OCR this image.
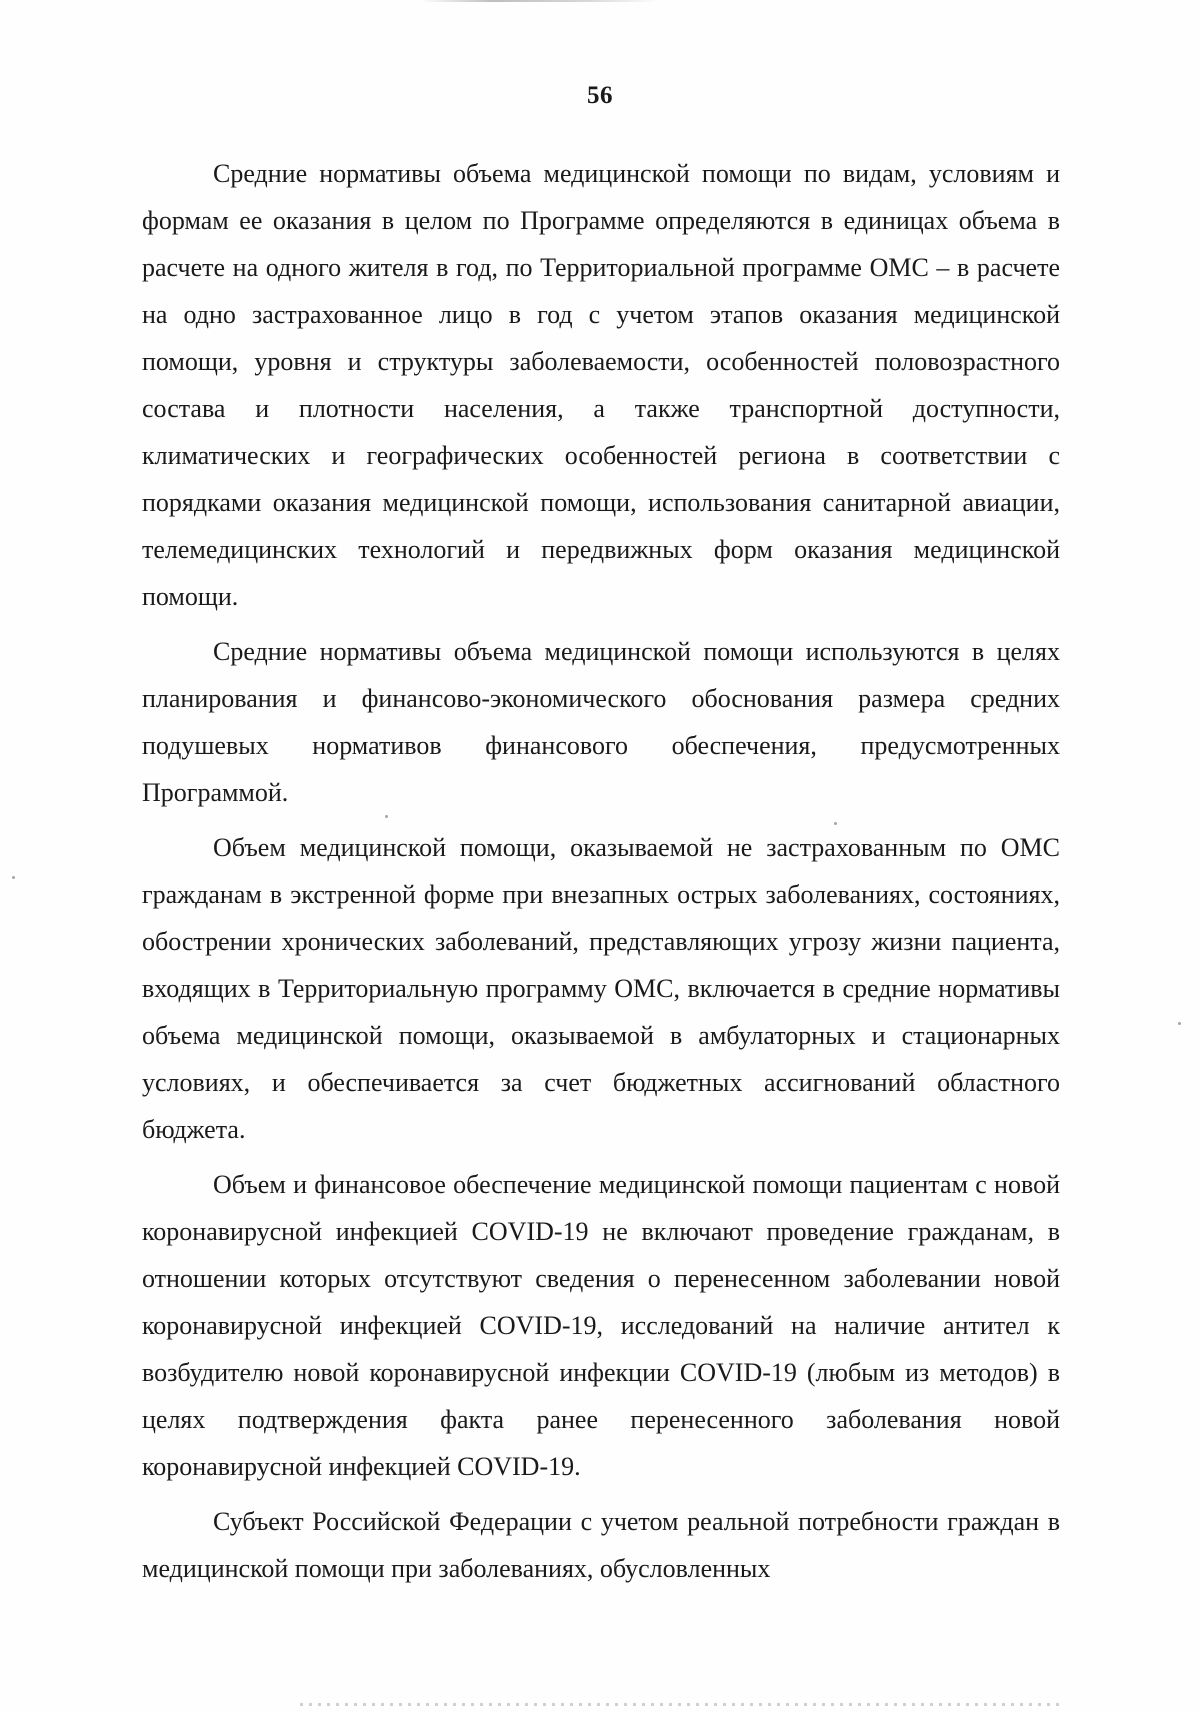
56

Средние нормативы объема медицинской помощи по видам, условиям и формам ее оказания в целом по Программе определяются в единицах объема в расчете на одного жителя в год, по Территориальной программе ОМС – в расчете на одно застрахованное лицо в год с учетом этапов оказания медицинской помощи, уровня и структуры заболеваемости, особенностей половозрастного состава и плотности населения, а также транспортной доступности, климатических и географических особенностей региона в соответствии с порядками оказания медицинской помощи, использования санитарной авиации, телемедицинских технологий и передвижных форм оказания медицинской помощи.

Средние нормативы объема медицинской помощи используются в целях планирования и финансово-экономического обоснования размера средних подушевых нормативов финансового обеспечения, предусмотренных Программой.

Объем медицинской помощи, оказываемой не застрахованным по ОМС гражданам в экстренной форме при внезапных острых заболеваниях, состояниях, обострении хронических заболеваний, представляющих угрозу жизни пациента, входящих в Территориальную программу ОМС, включается в средние нормативы объема медицинской помощи, оказываемой в амбулаторных и стационарных условиях, и обеспечивается за счет бюджетных ассигнований областного бюджета.

Объем и финансовое обеспечение медицинской помощи пациентам с новой коронавирусной инфекцией COVID-19 не включают проведение гражданам, в отношении которых отсутствуют сведения о перенесенном заболевании новой коронавирусной инфекцией COVID-19, исследований на наличие антител к возбудителю новой коронавирусной инфекции COVID-19 (любым из методов) в целях подтверждения факта ранее перенесенного заболевания новой коронавирусной инфекцией COVID-19.

Субъект Российской Федерации с учетом реальной потребности граждан в медицинской помощи при заболеваниях, обусловленных
